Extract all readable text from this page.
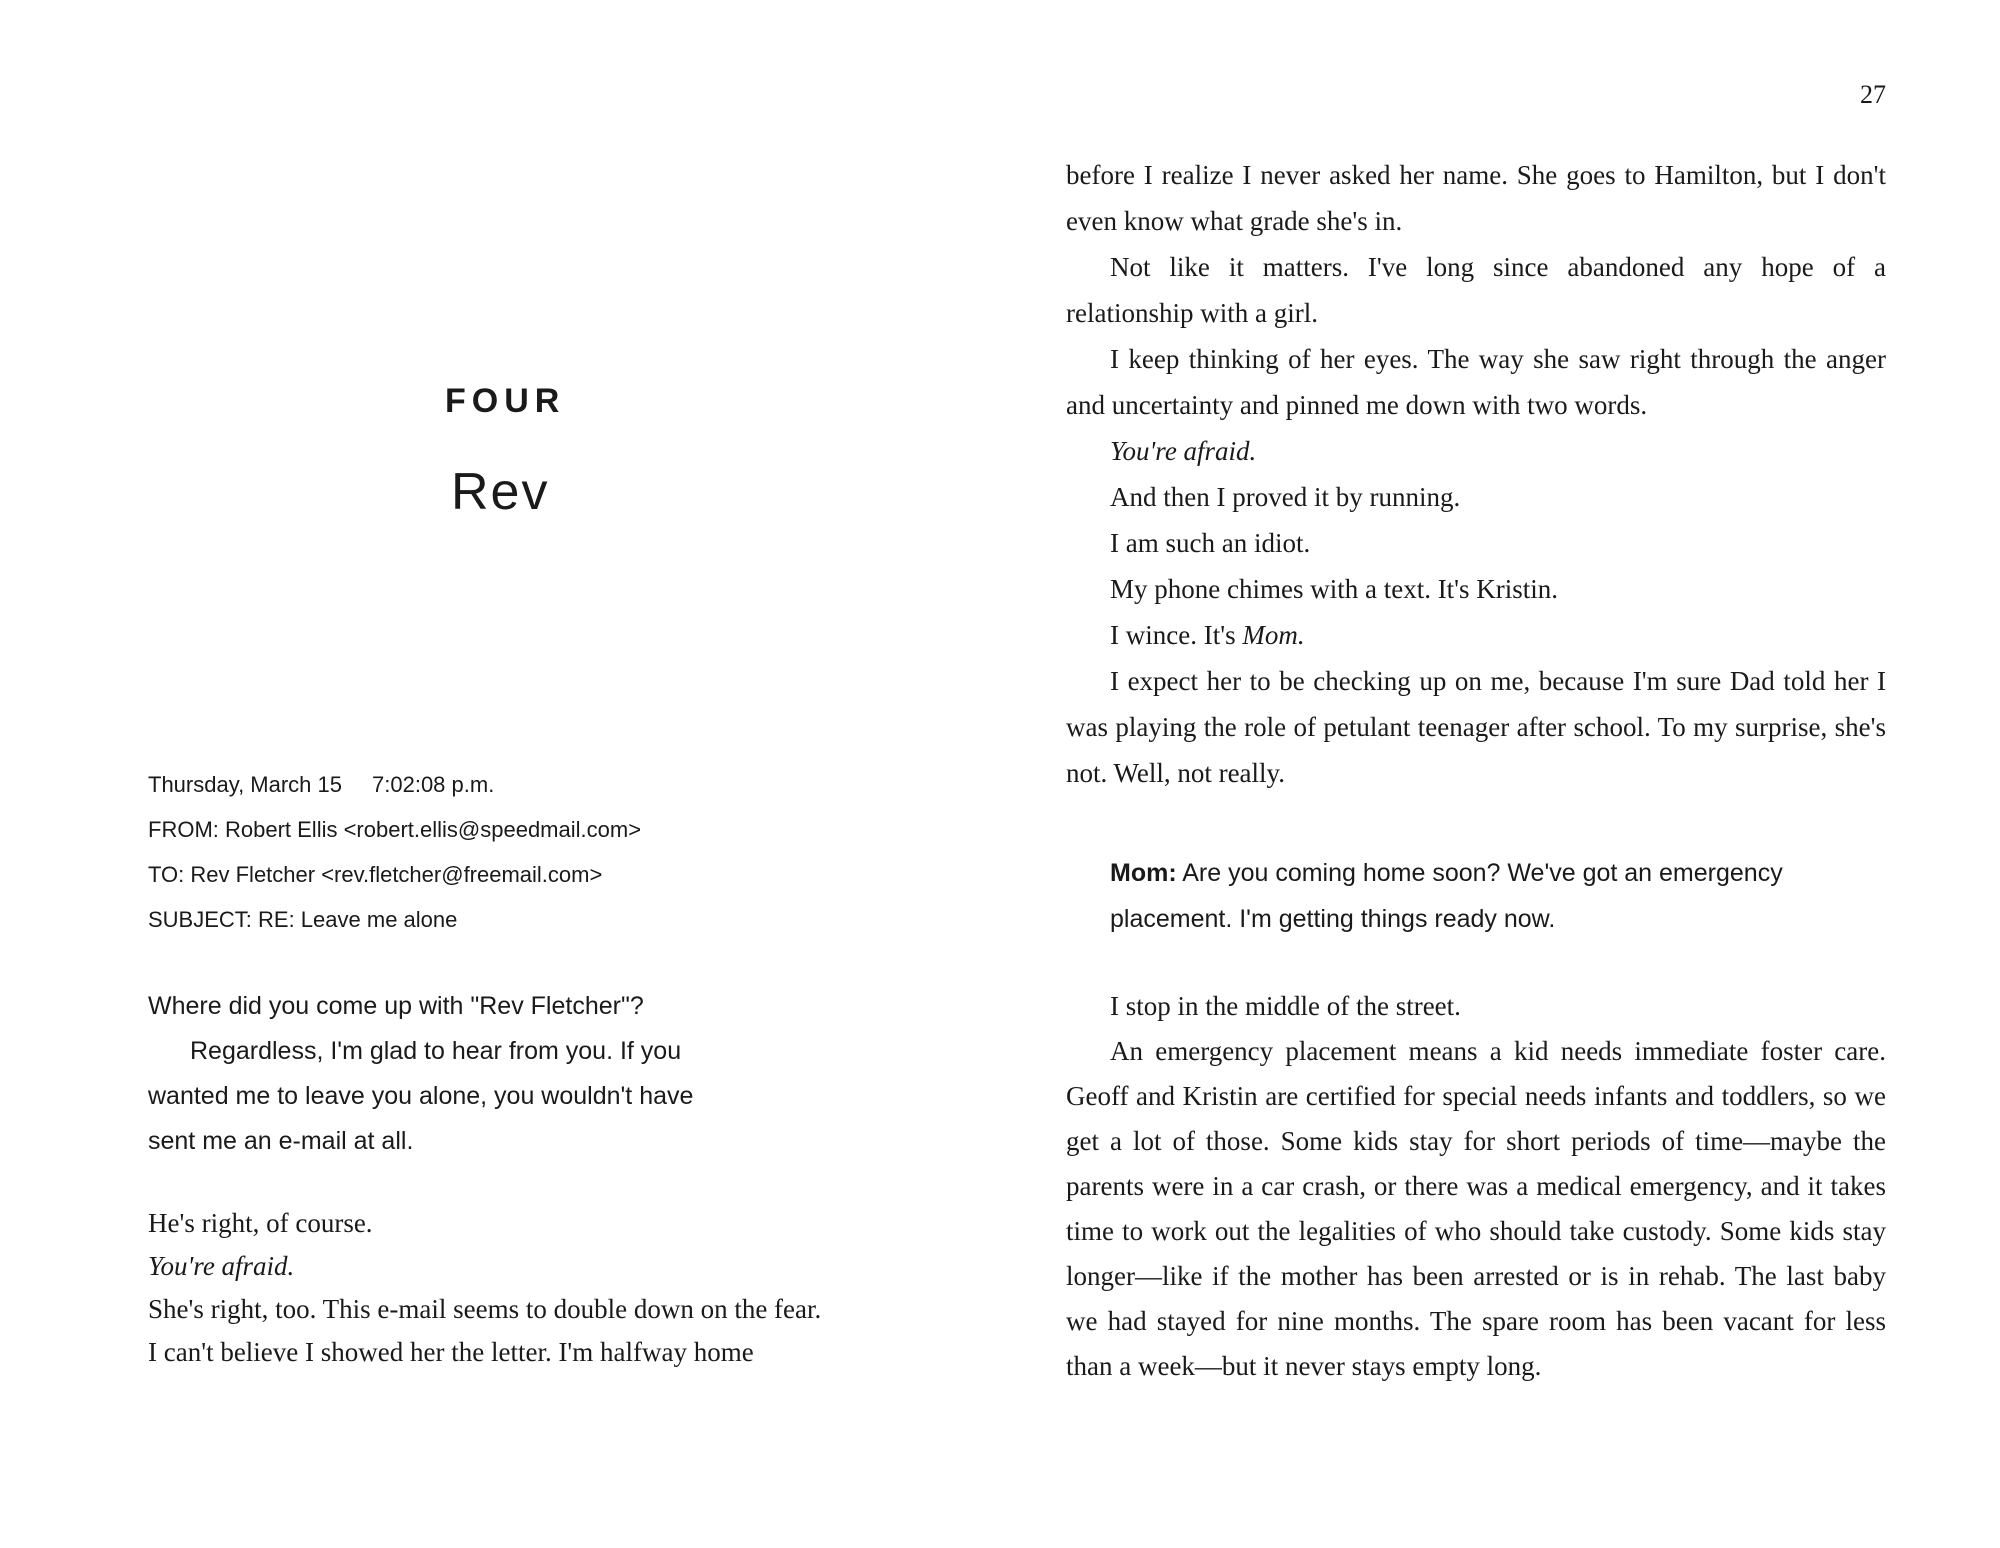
FOUR
Rev
Thursday, March 15 7:02:08 p.m.
FROM: Robert Ellis <robert.ellis@speedmail.com>
TO: Rev Fletcher <rev.fletcher@freemail.com>
SUBJECT: RE: Leave me alone

Where did you come up with "Rev Fletcher"?

Regardless, I'm glad to hear from you. If you wanted me to leave you alone, you wouldn't have sent me an e-mail at all.

He's right, of course.

You're afraid.

She's right, too. This e-mail seems to double down on the fear.

I can't believe I showed her the letter. I'm halfway home

27

before I realize I never asked her name. She goes to Hamilton, but I don't even know what grade she's in.

Not like it matters. I've long since abandoned any hope of a relationship with a girl.

I keep thinking of her eyes. The way she saw right through the anger and uncertainty and pinned me down with two words.

You're afraid.

And then I proved it by running.

I am such an idiot.

My phone chimes with a text. It's Kristin.

I wince. It's Mom.

I expect her to be checking up on me, because I'm sure Dad told her I was playing the role of petulant teenager after school. To my surprise, she's not. Well, not really.

Mom: Are you coming home soon? We've got an emergency placement. I'm getting things ready now.

I stop in the middle of the street.

An emergency placement means a kid needs immediate foster care. Geoff and Kristin are certified for special needs infants and toddlers, so we get a lot of those. Some kids stay for short periods of time—maybe the parents were in a car crash, or there was a medical emergency, and it takes time to work out the legalities of who should take custody. Some kids stay longer—like if the mother has been arrested or is in rehab. The last baby we had stayed for nine months. The spare room has been vacant for less than a week—but it never stays empty long.
